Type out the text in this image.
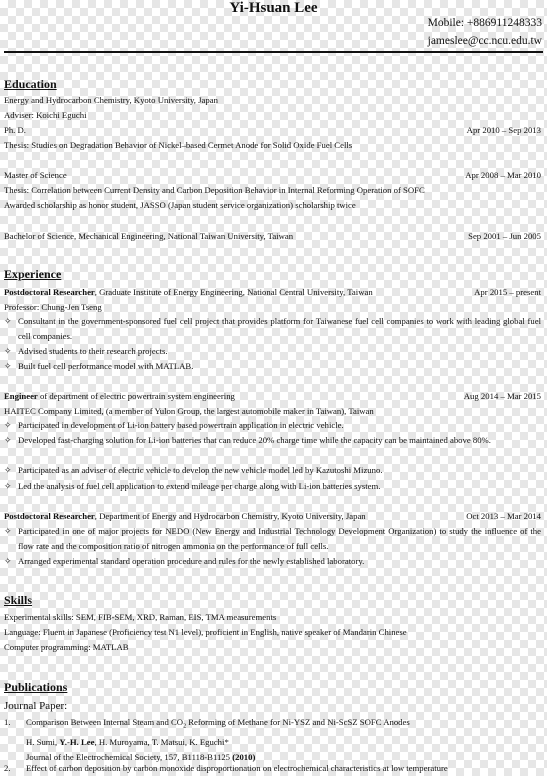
Yi-Hsuan Lee
Mobile: +886911248333
jameslee@cc.ncu.edu.tw
Education
Energy and Hydrocarbon Chemistry, Kyoto University, Japan
Adviser: Koichi Eguchi
Ph. D.	Apr 2010 – Sep 2013
Thesis: Studies on Degradation Behavior of Nickel–based Cermet Anode for Solid Oxide Fuel Cells
Master of Science	Apr 2008 – Mar 2010
Thesis: Correlation between Current Density and Carbon Deposition Behavior in Internal Reforming Operation of SOFC
Awarded scholarship as honor student, JASSO (Japan student service organization) scholarship twice
Bachelor of Science, Mechanical Engineering, National Taiwan University, Taiwan	Sep 2001 – Jun 2005
Experience
Postdoctoral Researcher, Graduate Institute of Energy Engineering, National Central University, Taiwan	Apr 2015 – present
Professor: Chung-Jen Tseng
✧ Consultant in the government-sponsored fuel cell project that provides platform for Taiwanese fuel cell companies to work with leading global fuel cell companies.
✧ Advised students to their research projects.
✧ Built fuel cell performance model with MATLAB.
Engineer of department of electric powertrain system engineering	Aug 2014 – Mar 2015
HAITEC Company Limited, (a member of Yulon Group, the largest automobile maker in Taiwan), Taiwan
✧ Participated in development of Li-ion battery based powertrain application in electric vehicle.
✧ Developed fast-charging solution for Li-ion batteries that can reduce 20% charge time while the capacity can be maintained above 80%.
✧ Participated as an adviser of electric vehicle to develop the new vehicle model led by Kazutoshi Mizuno.
✧ Led the analysis of fuel cell application to extend mileage per charge along with Li-ion batteries system.
Postdoctoral Researcher, Department of Energy and Hydrocarbon Chemistry, Kyoto University, Japan	Oct 2013 – Mar 2014
✧ Participated in one of major projects for NEDO (New Energy and Industrial Technology Development Organization) to study the influence of the flow rate and the composition ratio of nitrogen ammonia on the performance of full cells.
✧ Arranged experimental standard operation procedure and rules for the newly established laboratory.
Skills
Experimental skills: SEM, FIB-SEM, XRD, Raman, EIS, TMA measurements
Language: Fluent in Japanese (Proficiency test N1 level), proficient in English, native speaker of Mandarin Chinese
Computer programming: MATLAB
Publications
Journal Paper:
1. Comparison Between Internal Steam and $CO_2$ Reforming of Methane for Ni-YSZ and Ni-ScSZ SOFC Anodes
H. Sumi, Y.-H. Lee, H. Muroyama, T. Matsui, K. Eguchi*
Journal of the Electrochemical Society, 157, B1118-B1125 (2010)
2. Effect of carbon deposition by carbon monoxide disproportionation on electrochemical characteristics at low temperature
